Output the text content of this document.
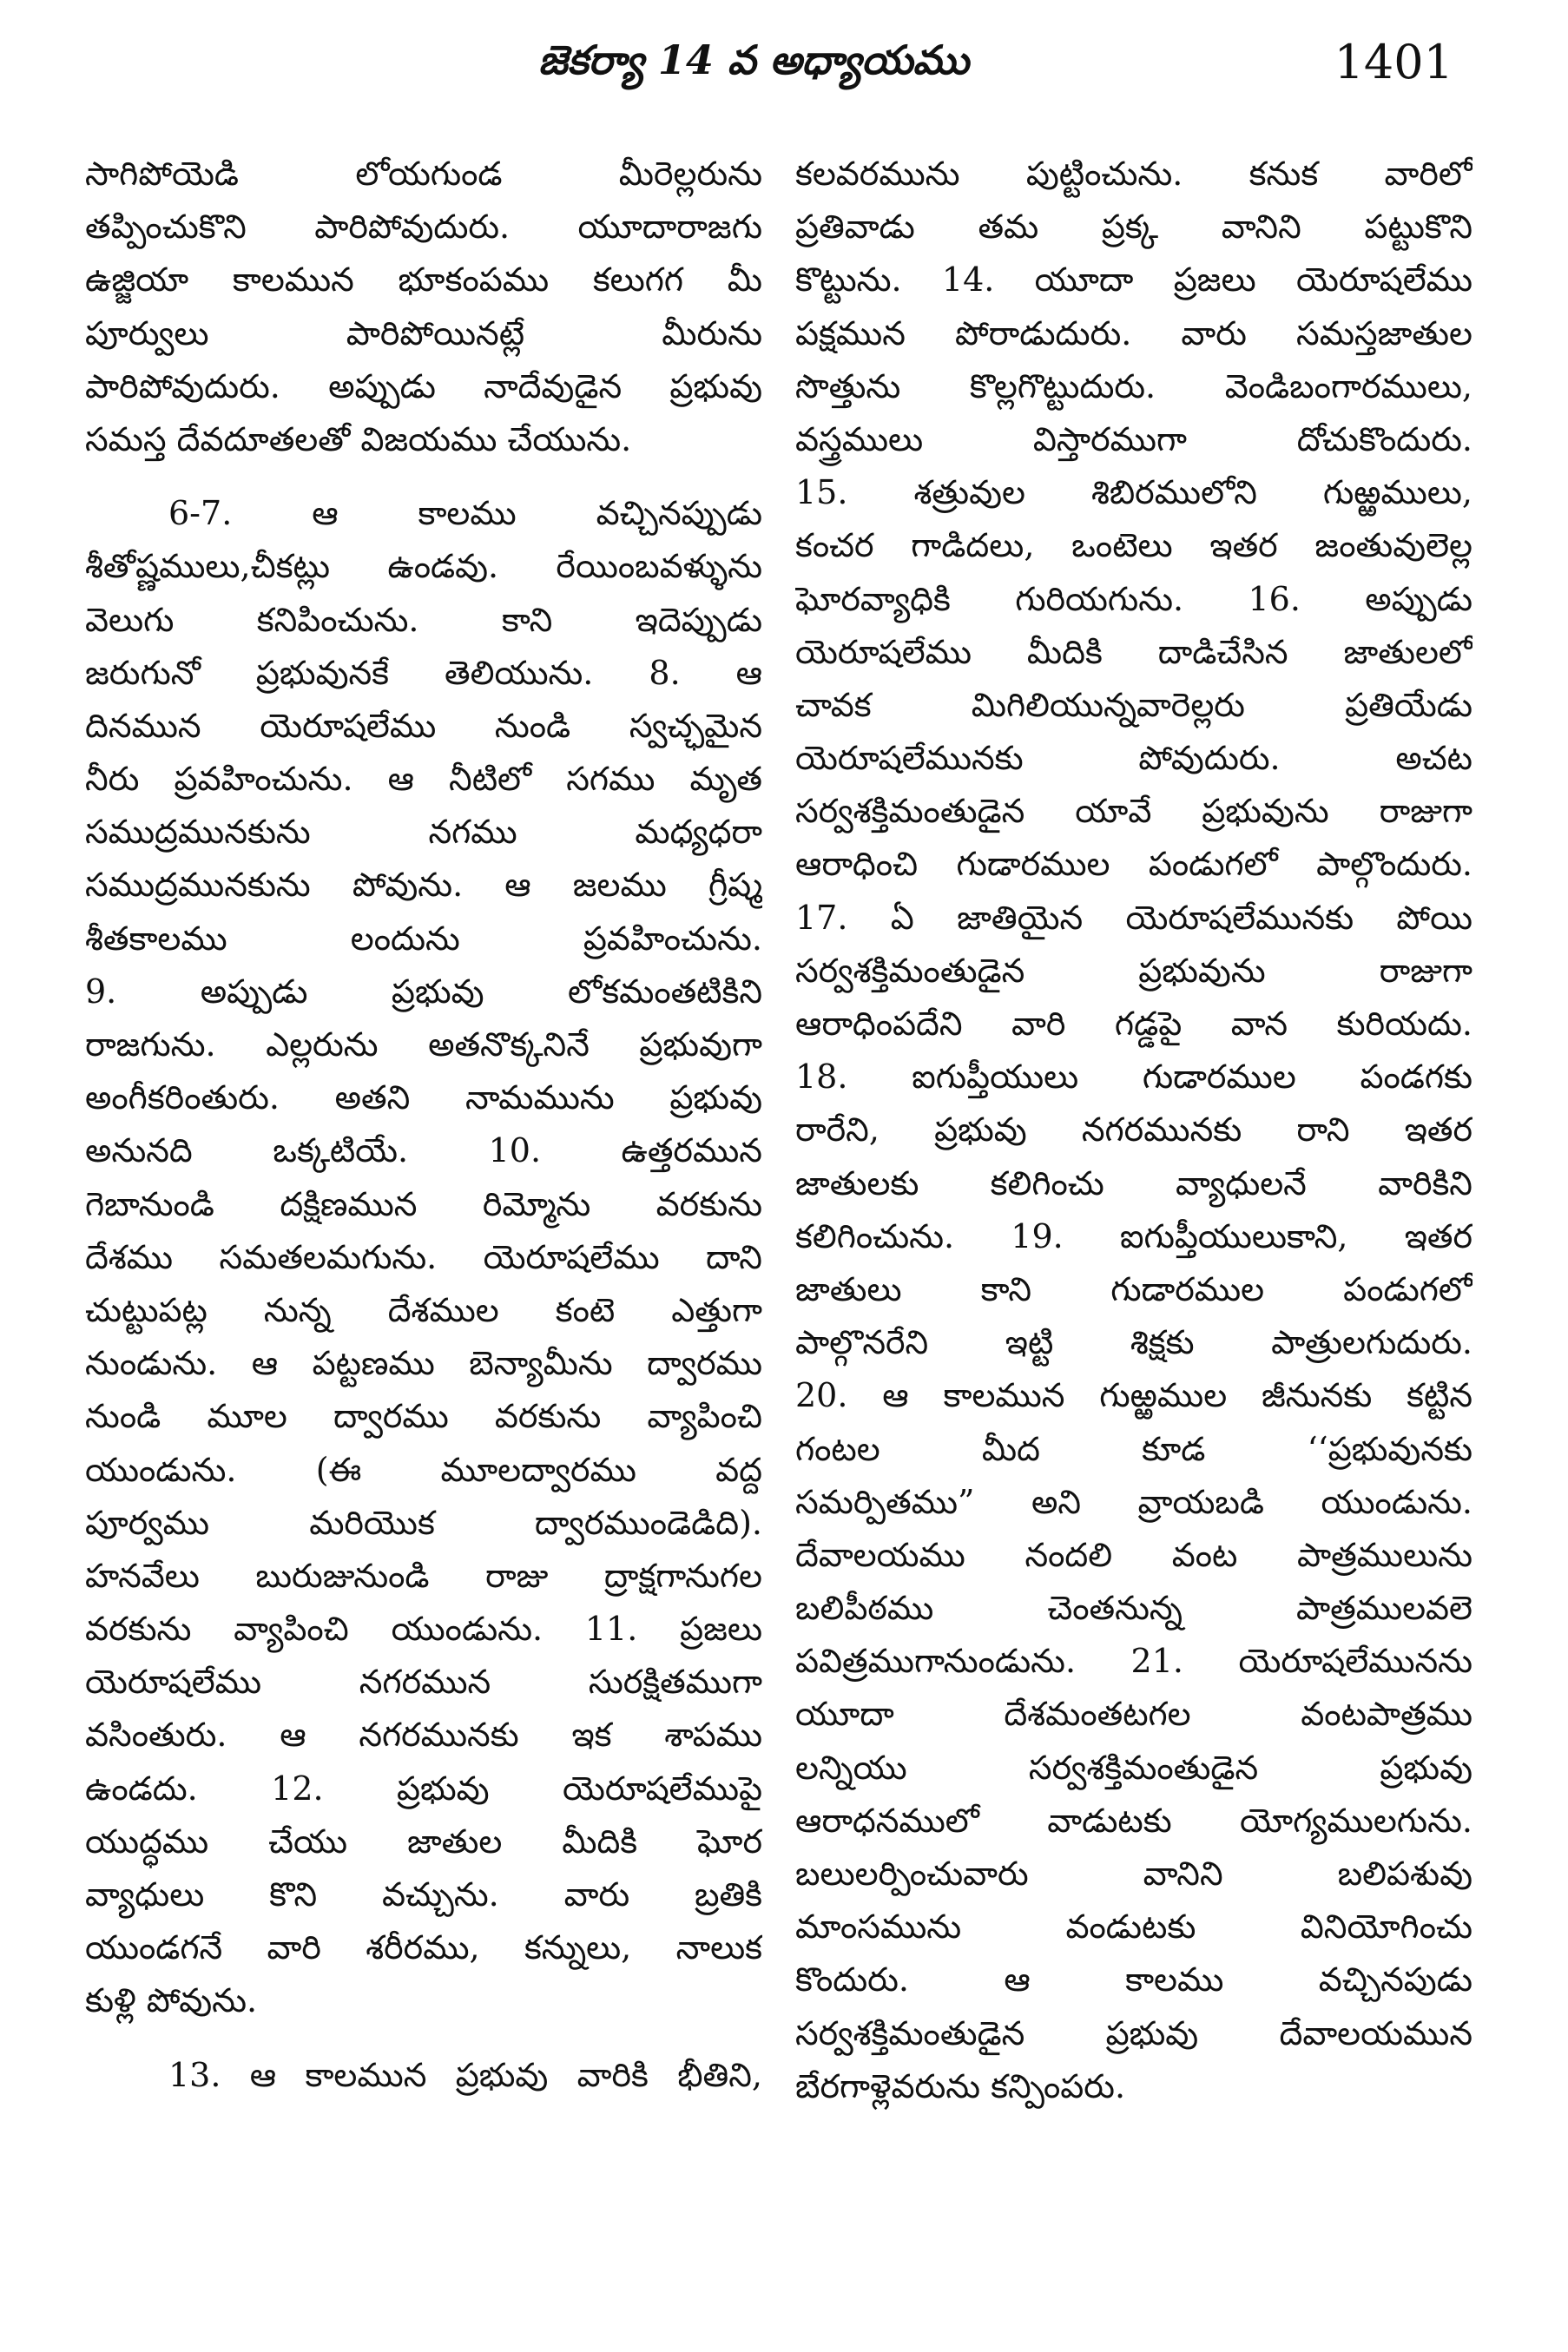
జెకర్యా 14 వ అధ్యాయము	1401
సాగిపోయెడి లోయగుండ మీరెల్లరును
తప్పించుకొని పారిపోవుదురు. యూదారాజగు
ఉజ్జియా కాలమున భూకంపము కలుగగ మీ
పూర్వులు పారిపోయినట్లే మీరును
పారిపోవుదురు. అప్పుడు నాదేవుడైన ప్రభువు
సమస్త దేవదూతలతో విజయము చేయును.
6-7. ఆ కాలము వచ్చినప్పుడు
శీతోష్ణములు,చీకట్లు ఉండవు. రేయింబవళ్ళును
వెలుగు కనిపించును. కాని ఇదెప్పుడు
జరుగునో ప్రభువునకే తెలియును. 8. ఆ
దినమున యెరూషలేము నుండి స్వచ్ఛమైన
నీరు ప్రవహించును. ఆ నీటిలో సగము మృత
సముద్రమునకును నగము మధ్యధరా
సముద్రమునకును పోవును. ఆ జలము గ్రీష్మ
శీతకాలము లందును ప్రవహించును.
9. అప్పుడు ప్రభువు లోకమంతటికిని
రాజగును. ఎల్లరును అతనొక్కనినే ప్రభువుగా
అంగీకరింతురు. అతని నామమును ప్రభువు
అనునది ఒక్కటియే. 10. ఉత్తరమున
గెబానుండి దక్షిణమున రిమ్మోను వరకును
దేశము సమతలమగును. యెరూషలేము దాని
చుట్టుపట్ల నున్న దేశముల కంటె ఎత్తుగా
నుండును. ఆ పట్టణము బెన్యామీను ద్వారము
నుండి మూల ద్వారము వరకును వ్యాపించి
యుండును. (ఈ మూలద్వారము వద్ద
పూర్వము మరియొక ద్వారముండెడిది).
హనవేలు బురుజునుండి రాజు ద్రాక్షగానుగల
వరకును వ్యాపించి యుండును. 11. ప్రజలు
యెరూషలేము నగరమున సురక్షితముగా
వసింతురు. ఆ నగరమునకు ఇక శాపము
ఉండదు. 12. ప్రభువు యెరూషలేముపై
యుద్ధము చేయు జాతుల మీదికి ఘోర
వ్యాధులు కొని వచ్చును. వారు బ్రతికి
యుండగనే వారి శరీరము, కన్నులు, నాలుక
కుళ్లి పోవును.
13. ఆ కాలమున ప్రభువు వారికి భీతిని,
కలవరమును పుట్టించును. కనుక వారిలో
ప్రతివాడు తమ ప్రక్క వానిని పట్టుకొని
కొట్టును. 14. యూదా ప్రజలు యెరూషలేము
పక్షమున పోరాడుదురు. వారు సమస్తజాతుల
సొత్తును కొల్లగొట్టుదురు. వెండిబంగారములు,
వస్త్రములు విస్తారముగా దోచుకొందురు.
15. శత్రువుల శిబిరములోని గుఱ్ఱములు,
కంచర గాడిదలు, ఒంటెలు ఇతర జంతువులెల్ల
ఘోరవ్యాధికి గురియగును. 16. అప్పుడు
యెరూషలేము మీదికి దాడిచేసిన జాతులలో
చావక మిగిలియున్నవారెల్లరు ప్రతియేడు
యెరూషలేమునకు పోవుదురు. అచట
సర్వశక్తిమంతుడైన యావే ప్రభువును రాజుగా
ఆరాధించి గుడారముల పండుగలో పాల్గొందురు.
17. ఏ జాతియైన యెరూషలేమునకు పోయి
సర్వశక్తిమంతుడైన ప్రభువును రాజుగా
ఆరాధింపదేని వారి గడ్డపై వాన కురియదు.
18. ఐగుప్తీయులు గుడారముల పండగకు
రారేని, ప్రభువు నగరమునకు రాని ఇతర
జాతులకు కలిగించు వ్యాధులనే వారికిని
కలిగించును. 19. ఐగుప్తీయులుకాని, ఇతర
జాతులు కాని గుడారముల పండుగలో
పాల్గొనరేని ఇట్టి శిక్షకు పాత్రులగుదురు.
20. ఆ కాలమున గుఱ్ఱముల జీనునకు కట్టిన
గంటల మీద కూడ ‘‘ప్రభువునకు
సమర్పితము” అని వ్రాయబడి యుండును.
దేవాలయము నందలి వంట పాత్రములును
బలిపీఠము చెంతనున్న పాత్రములవలె
పవిత్రముగానుండును. 21. యెరూషలేమునను
యూదా దేశమంతటగల వంటపాత్రము
లన్నియు సర్వశక్తిమంతుడైన ప్రభువు
ఆరాధనములో వాడుటకు యోగ్యములగును.
బలులర్పించువారు వానిని బలిపశువు
మాంసమును వండుటకు వినియోగించు
కొందురు. ఆ కాలము వచ్చినపుడు
సర్వశక్తిమంతుడైన ప్రభువు దేవాలయమున
బేరగాళ్లెవరును కన్పింపరు.
